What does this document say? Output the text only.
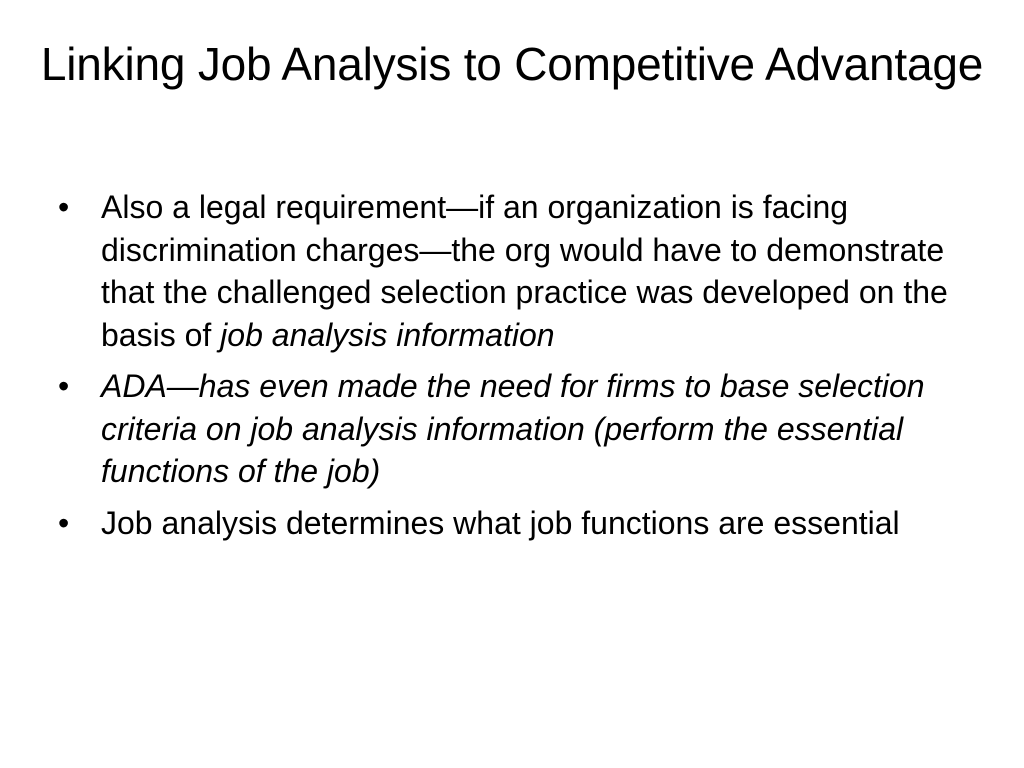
Linking Job Analysis to Competitive Advantage
• Also a legal requirement—if an organization is facing discrimination charges—the org would have to demonstrate that the challenged selection practice was developed on the basis of job analysis information
• ADA—has even made the need for firms to base selection criteria on job analysis information (perform the essential functions of the job)
• Job analysis determines what job functions are essential
